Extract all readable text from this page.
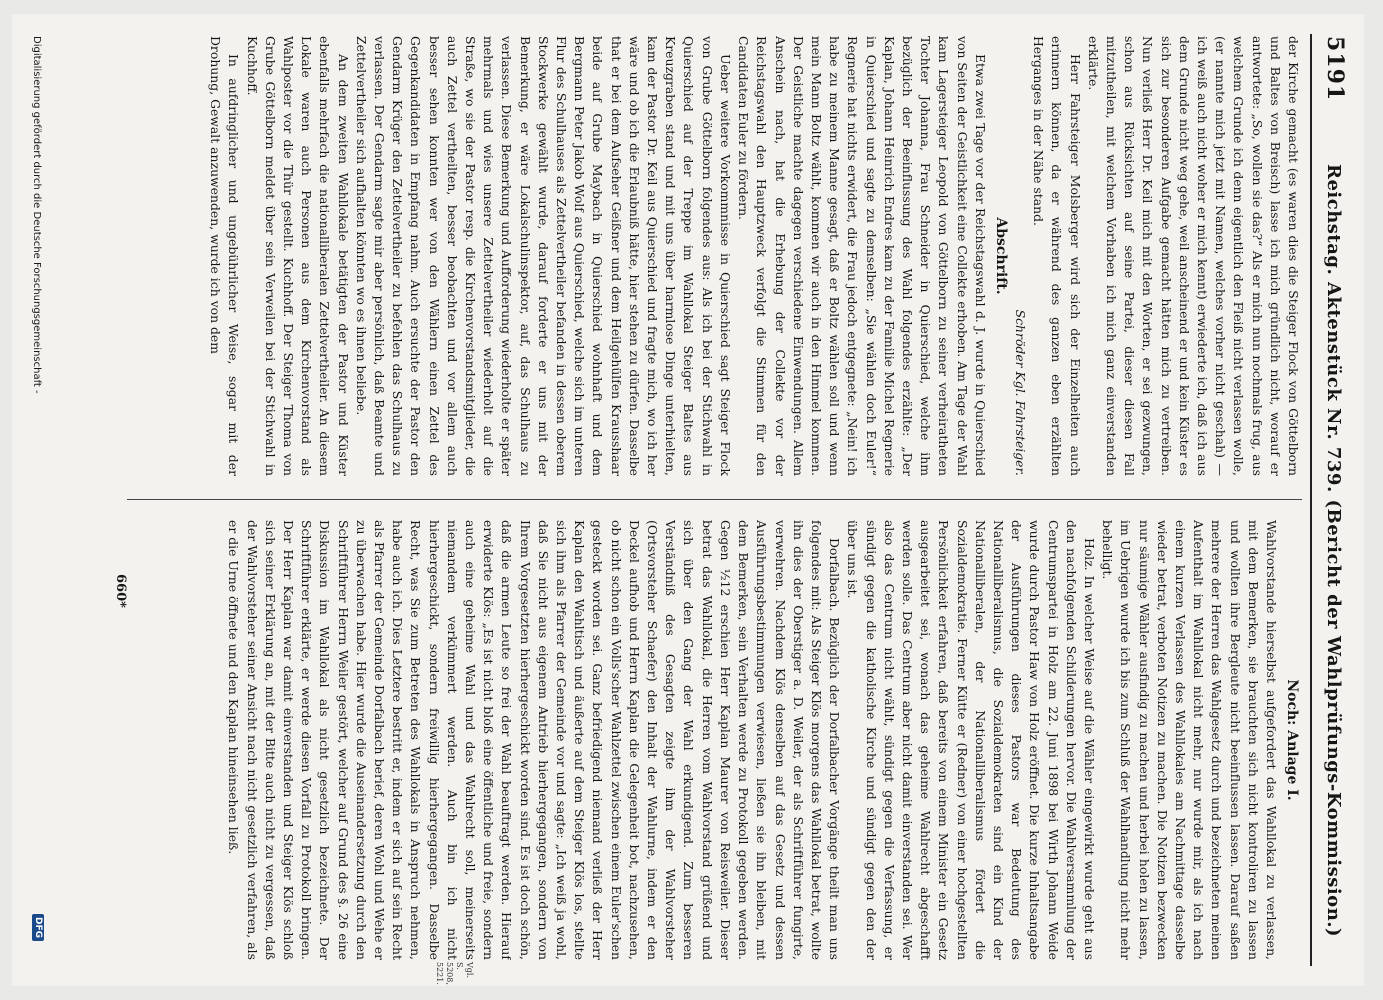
5191
Reichstag. Aktenstück Nr. 739. (Bericht der Wahlprüfungs-Kommission.)

der Kirche gemacht (es waren dies die Steiger Flock von Göttelborn und Baltes von Breisch) lasse ich mich gründlich nicht, worauf er antwortete: „So, wollen sie das?“ Als er mich nun nochmals frug, aus welchem Grunde ich denn eigentlich den Fleiß nicht verlassen wolle, (er nannte mich jetzt mit Namen, welches vorher nicht geschah) — ich weiß auch nicht woher er mich kennt) erwiederte ich, daß ich aus dem Grunde nicht weg gehe, weil anscheinend er und kein Küster es sich zur besonderen Aufgabe gemacht hätten mich zu vertreiben. Nun verließ Herr Dr. Keil mich mit den Worten, er sei gezwungen, schon aus Rücksichten auf seine Partei, dieser diesen Fall mitzutheilen, mit welchem Vorhaben ich mich ganz einverstanden erklärte.

Herr Fahrsteiger Molsberger wird sich der Einzelheiten auch erinnern können, da er während des ganzen eben erzählten Herganges in der Nähe stand.

Schröder Kgl. Fahrsteiger.

Abschrift.

Etwa zwei Tage vor der Reichstagswahl d. J. wurde in Quierschied von Seiten der Geistlichkeit eine Collekte erhoben. Am Tage der Wahl kam Lagersteiger Leopold von Göttelborn zu seiner verheiratheten Tochter Johanna, Frau Schneider in Quierschied, welche ihm bezüglich der Beeinflussung des Wahl folgendes erzählte: „Der Kaplan, Johann Heinrich Endres kam zu der Familie Michel Regnerie in Quierschied und sagte zu demselben: „Sie wählen doch Euler!“ Regnerie hat nichts erwidert, die Frau jedoch entgegnete: „Nein! ich habe zu meinem Manne gesagt, daß er Boltz wählen soll und wenn mein Mann Boltz wählt, kommen wir auch in den Himmel kommen. Der Geistliche machte dagegen verschiedene Einwendungen. Allem Anschein nach, hat die Erhebung der Collekte vor der Reichstagswahl den Hauptzweck verfolgt die Stimmen für den Candidaten Euler zu fördern.

Ueber weitere Vorkommnisse in Quierschied sagt Steiger Flock von Grube Göttelborn folgendes aus: Als ich bei der Stichwahl in Quierschied auf der Treppe im Wahllokal Steiger Baltes aus Kreuzgraben stand und mit uns über harmlose Dinge unterhielten, kam der Pastor Dr. Keil aus Quierschied und fragte mich, wo ich her wäre und ob ich die Erlaubniß hätte, hier stehen zu dürfen. Dasselbe that er bei dem Aufseher Geißner und dem Heilgehülfen Krausshaar beide auf Grube Maybach in Quierschied wohnhaft und dem Bergmann Peter Jakob Wolf aus Quierschied, welche sich im unteren Flur des Schulhauses als Zettelvertheiler befanden in dessen oberem Stockwerke gewählt wurde, darauf forderte er uns mit der Bemerkung, er wäre Lokalschulinspektor, auf, das Schulhaus zu verlassen. Diese Bemerkung und Aufforderung wiederholte er später mehrmals und wies unsere Zettelvertheiler wiederholt auf die Straße, wo sie der Pastor resp. die Kirchenvorstandsmitglieder, die auch Zettel vertheilten, besser beobachten und vor allem auch besser sehen konnten wer von den Wählern einen Zettel des Gegenkandidaten in Empfang nahm. Auch ersuchte der Pastor den Gendarm Krüger den Zettelvertheiler zu befehlen das Schulhaus zu verlassen. Der Gendarm sagte mir aber persönlich, daß Beamte und Zettelvertheiler sich aufhalten könnten wo es ihnen beliebe.

An dem zweiten Wahllokale betätigten der Pastor und Küster ebenfalls mehrfach die nationalliberalen Zettelvertheiler. An diesem Lokale waren auch Personen aus dem Kirchenvorstand als Wahlposter vor die Thür gestellt. Kuchhoff. Der Steiger Thoma von Grube Göttelborn meldet über sein Verweilen bei der Stichwahl in Kuchhoff.

In aufdringlicher und ungebührlicher Weise, sogar mit der Drohung, Gewalt anzuwenden, wurde ich von dem

Noch: Anlage I.

Wahlvorstande hierselbst aufgefordert das Wahllokal zu verlassen, mit dem Bemerken, sie brauchten sich nicht kontroliren zu lassen und wollten ihre Bergleute nicht beeinflussen lassen. Darauf saßen mehrere der Herren das Wahlgesetz durch und bezeichneten meinen Aufenthalt im Wahllokal nicht mehr, nur wurde mir, als ich nach einem kurzen Verlassen des Wahllokales am Nachmittage dasselbe wieder betrat, verboten Notizen zu machen. Die Notizen bezwecken nur säumige Wähler ausfindig zu machen und herbei holen zu lassen, im Uebrigen wurde ich bis zum Schluß der Wahlhandlung nicht mehr behelligt.

Holz. In welcher Weise auf die Wähler eingewirkt wurde geht aus den nachfolgenden Schilderungen hervor. Die Wahlversammlung der Centrumspartei in Holz am 22. Juni 1898 bei Wirth Johann Weide wurde durch Pastor Haw von Holz eröffnet. Die kurze Inhaltsangabe der Ausführungen dieses Pastors war Bedeutung des Nationalliberalismus, die Sozialdemokraten sind ein Kind der Nationalliberalen, der Nationalliberalismus fördert die Sozialdemokratie. Ferner Kütte er (Redner) von einer hochgestellten Persönlichkeit erfahren, daß bereits von einem Minister ein Gesetz ausgearbeitet sei, wonach das geheime Wahlrecht abgeschafft werden solle. Das Centrum aber nicht damit einverstanden sei. Wer also das Centrum nicht wählt, sündigt gegen die Verfassung, er sündigt gegen die katholische Kirche und sündigt gegen den der über uns ist.

Dorfalbach. Bezüglich der Dorfalbacher Vorgänge theilt man uns folgendes mit: Als Steiger Klös morgens das Wahllokal betrat, wollte ihn dies der Oberstiger a. D. Weiler, der als Schriftführer fungirte, verwehren. Nachdem Klös denselben auf das Gesetz und dessen Ausführungsbestimmungen verwiesen, ließen sie ihn bleiben, mit dem Bemerken, sein Verhalten werde zu Protokoll gegeben werden. Gegen ½12 erschien Herr Kaplan Maurer von Reisweiler. Dieser betrat das Wahllokal, die Herren vom Wahlvorstand grüßend und sich über den Gang der Wahl erkundigend. Zum besseren Verständniß des Gesagten zeigte ihm der Wahlvorsteher (Ortsvorsteher Schaefer) den Inhalt der Wahlurne, indem er den Deckel aufhob und Herrn Kaplan die Gelegenheit bot, nachzusehen, ob nicht schon ein Volls'scher Wahlzettel zwischen einem Euler'schen gesteckt worden sei. Ganz befriedigend niemand verließ der Herr Kaplan den Wahltisch und äußerte auf dem Steiger Klös los, stellte sich ihm als Pfarrer der Gemeinde vor und sagte: „Ich weiß ja wohl, daß Sie nicht aus eigenem Antrieb hierhergegangen, sondern von Ihrem Vorgesetzten hierhergeschickt worden sind. Es ist doch schön, daß die armen Leute so frei der Wahl beauftragt werden. Hierauf erwiderte Klös: „Es ist nicht bloß eine öffentliche und freie, sondern auch eine geheime Wahl und das Wahlrecht soll, meinerseits niemandem verkümmert werden. Auch bin ich nicht hierhergeschickt, sondern freiwillig hierhergegangen. Dasselbe Recht, was Sie zum Betreten des Wahllokals in Anspruch nehmen, habe auch ich. Dies Letztere bestritt er, indem er sich auf sein Recht als Pfarrer der Gemeinde Dorfalbach berief, deren Wohl und Wehe er zu überwachen habe. Hier wurde die Auseinandersetzung durch den Schriftführer Herrn Weiler gestört, welcher auf Grund des §. 26 eine Diskussion im Wahllokal als nicht gesetzlich bezeichnete. Der Schriftführer erklärte, er werde diesen Vorfall zu Protokoll bringen. Der Herr Kaplan war damit einverstanden und Steiger Klös schloß sich seiner Erklärung an, mit der Bitte auch nicht zu vergessen, daß der Wahlvorsteher seiner Ansicht nach nicht gesetzlich verfahren, als er die Urne öffnete und den Kaplan hineinsehen ließ.

Vgl.
S. 5208,
5221.
660*
Digitalisierung gefördert durch die Deutsche Forschungsgemeinschaft -
DFG
